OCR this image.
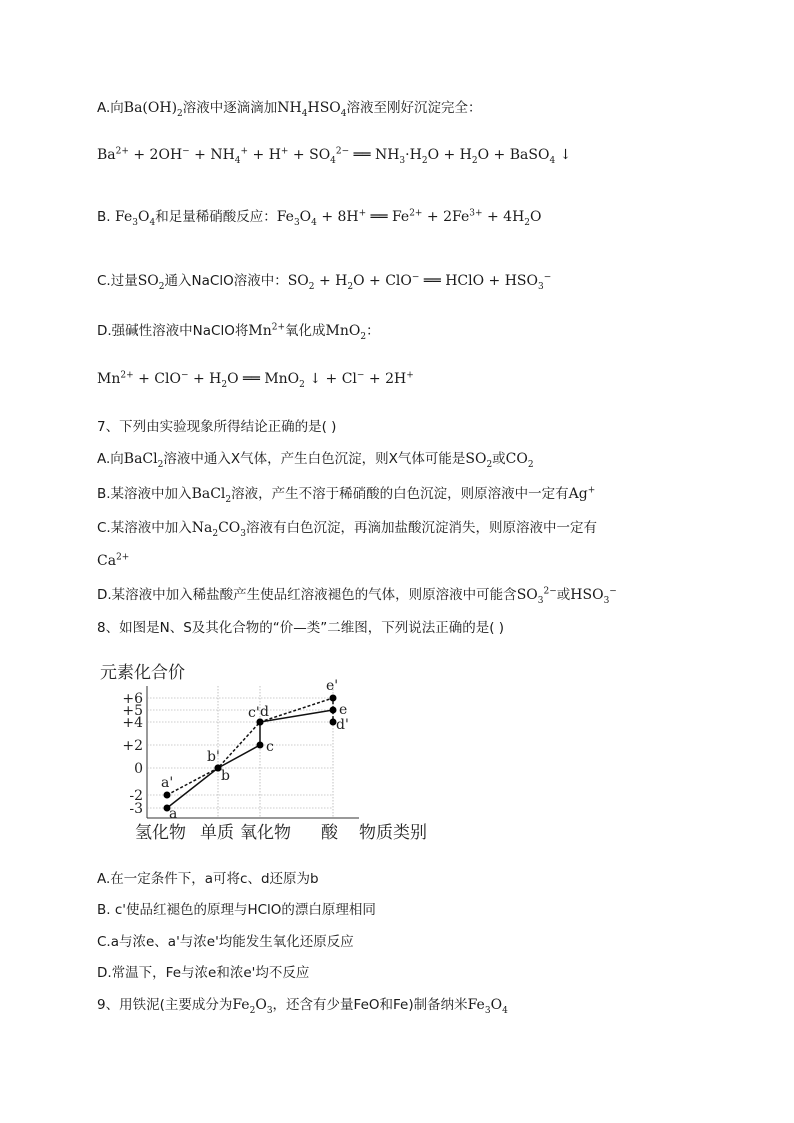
A.向$Ba(OH)_2$溶液中逐滴滴加$NH_4HSO_4$溶液至刚好沉淀完全：
$Ba^{2+} + 2OH^- + NH_4^+ + H^+ + SO_4^{2-}$ ══ $NH_3\cdot H_2O + H_2O$ + BaSO$_4$ ↓
B. $Fe_3O_4$和足量稀硝酸反应：$Fe_3O_4 + 8H^+$ ══ $Fe^{2+} + 2Fe^{3+} + 4H_2O$
C.过量$SO_2$通入NaClO溶液中：$SO_2 + H_2O + ClO^-$ ══ HClO + $HSO_3^-$
D.强碱性溶液中NaClO将$Mn^{2+}$氧化成MnO$_2$：
$Mn^{2+} + ClO^- + H_2O$ ══ MnO$_2$ ↓ + Cl− + 2H+
7、下列由实验现象所得结论正确的是( )
A.向BaCl$_2$溶液中通入X气体，产生白色沉淀，则X气体可能是$SO_2$或$CO_2$
B.某溶液中加入BaCl$_2$溶液，产生不溶于稀硝酸的白色沉淀，则原溶液中一定有Ag+
C.某溶液中加入$Na_2CO_3$溶液有白色沉淀，再滴加盐酸沉淀消失，则原溶液中一定有
$Ca^{2+}$
D.某溶液中加入稀盐酸产生使品红溶液褪色的气体，则原溶液中可能含$SO_3^{2-}$或$HSO_3^-$
8、如图是N、S及其化合物的“价—类”二维图，下列说法正确的是( )
元素化合价
a
b
c
d	e
a'
b'
c'
e'
d'
+6
+5
+4
+2
0
-2
-3
氢化物 单质 氧化物 酸 物质类别
A.在一定条件下，a可将c、d还原为b
B. c'使品红褪色的原理与HClO的漂白原理相同
C.a与浓e、a'与浓e'均能发生氧化还原反应
D.常温下，Fe与浓e和浓e'均不反应
9、用铁泥(主要成分为$Fe_2O_3$，还含有少量FeO和Fe)制备纳米$Fe_3O_4$
